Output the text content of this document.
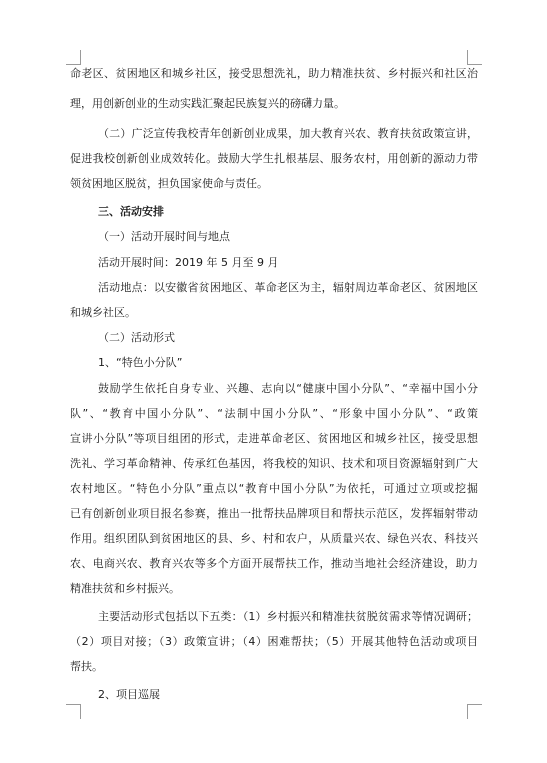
命老区、贫困地区和城乡社区，接受思想洗礼，助力精准扶贫、乡村振兴和社区治
理，用创新创业的生动实践汇聚起民族复兴的磅礴力量。
（二）广泛宣传我校青年创新创业成果，加大教育兴农、教育扶贫政策宣讲，
促进我校创新创业成效转化。鼓励大学生扎根基层、服务农村，用创新的源动力带
领贫困地区脱贫，担负国家使命与责任。
三、活动安排
（一）活动开展时间与地点
活动开展时间：2019 年 5 月至 9 月
活动地点：以安徽省贫困地区、革命老区为主，辐射周边革命老区、贫困地区
和城乡社区。
（二）活动形式
1、“特色小分队”
鼓励学生依托自身专业、兴趣、志向以“健康中国小分队”、“幸福中国小分
队”、“教育中国小分队”、“法制中国小分队”、“形象中国小分队”、“政策
宣讲小分队”等项目组团的形式，走进革命老区、贫困地区和城乡社区，接受思想
洗礼、学习革命精神、传承红色基因，将我校的知识、技术和项目资源辐射到广大
农村地区。“特色小分队”重点以“教育中国小分队”为依托，可通过立项或挖掘
已有创新创业项目报名参赛，推出一批帮扶品牌项目和帮扶示范区，发挥辐射带动
作用。组织团队到贫困地区的县、乡、村和农户，从质量兴农、绿色兴农、科技兴
农、电商兴农、教育兴农等多个方面开展帮扶工作，推动当地社会经济建设，助力
精准扶贫和乡村振兴。
主要活动形式包括以下五类：（1）乡村振兴和精准扶贫脱贫需求等情况调研；
（2）项目对接；（3）政策宣讲；（4）困难帮扶；（5）开展其他特色活动或项目
帮扶。
2、项目巡展
